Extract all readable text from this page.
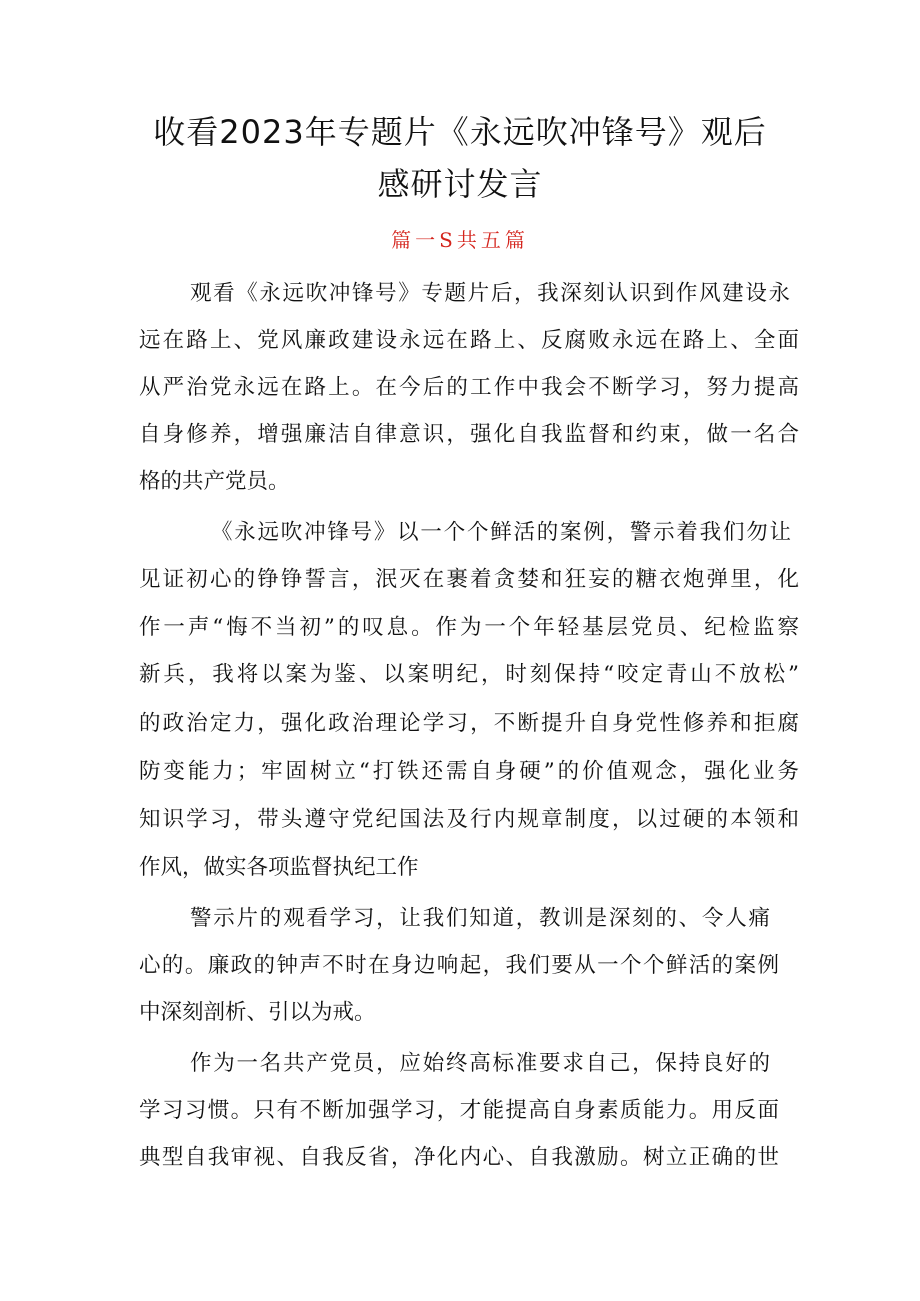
收看2023年专题片《永远吹冲锋号》观后
感研讨发言
篇一S共五篇
观看《永远吹冲锋号》专题片后，我深刻认识到作风建设永
远在路上、党风廉政建设永远在路上、反腐败永远在路上、全面
从严治党永远在路上。在今后的工作中我会不断学习，努力提高
自身修养，增强廉洁自律意识，强化自我监督和约束，做一名合
格的共产党员。
《永远吹冲锋号》以一个个鲜活的案例，警示着我们勿让
见证初心的铮铮誓言，泯灭在裹着贪婪和狂妄的糖衣炮弹里，化
作一声“悔不当初”的叹息。作为一个年轻基层党员、纪检监察
新兵，我将以案为鉴、以案明纪，时刻保持“咬定青山不放松”
的政治定力，强化政治理论学习，不断提升自身党性修养和拒腐
防变能力；牢固树立“打铁还需自身硬”的价值观念，强化业务
知识学习，带头遵守党纪国法及行内规章制度，以过硬的本领和
作风，做实各项监督执纪工作
警示片的观看学习，让我们知道，教训是深刻的、令人痛
心的。廉政的钟声不时在身边响起，我们要从一个个鲜活的案例
中深刻剖析、引以为戒。
作为一名共产党员，应始终高标准要求自己，保持良好的
学习习惯。只有不断加强学习，才能提高自身素质能力。用反面
典型自我审视、自我反省，净化内心、自我激励。树立正确的世
